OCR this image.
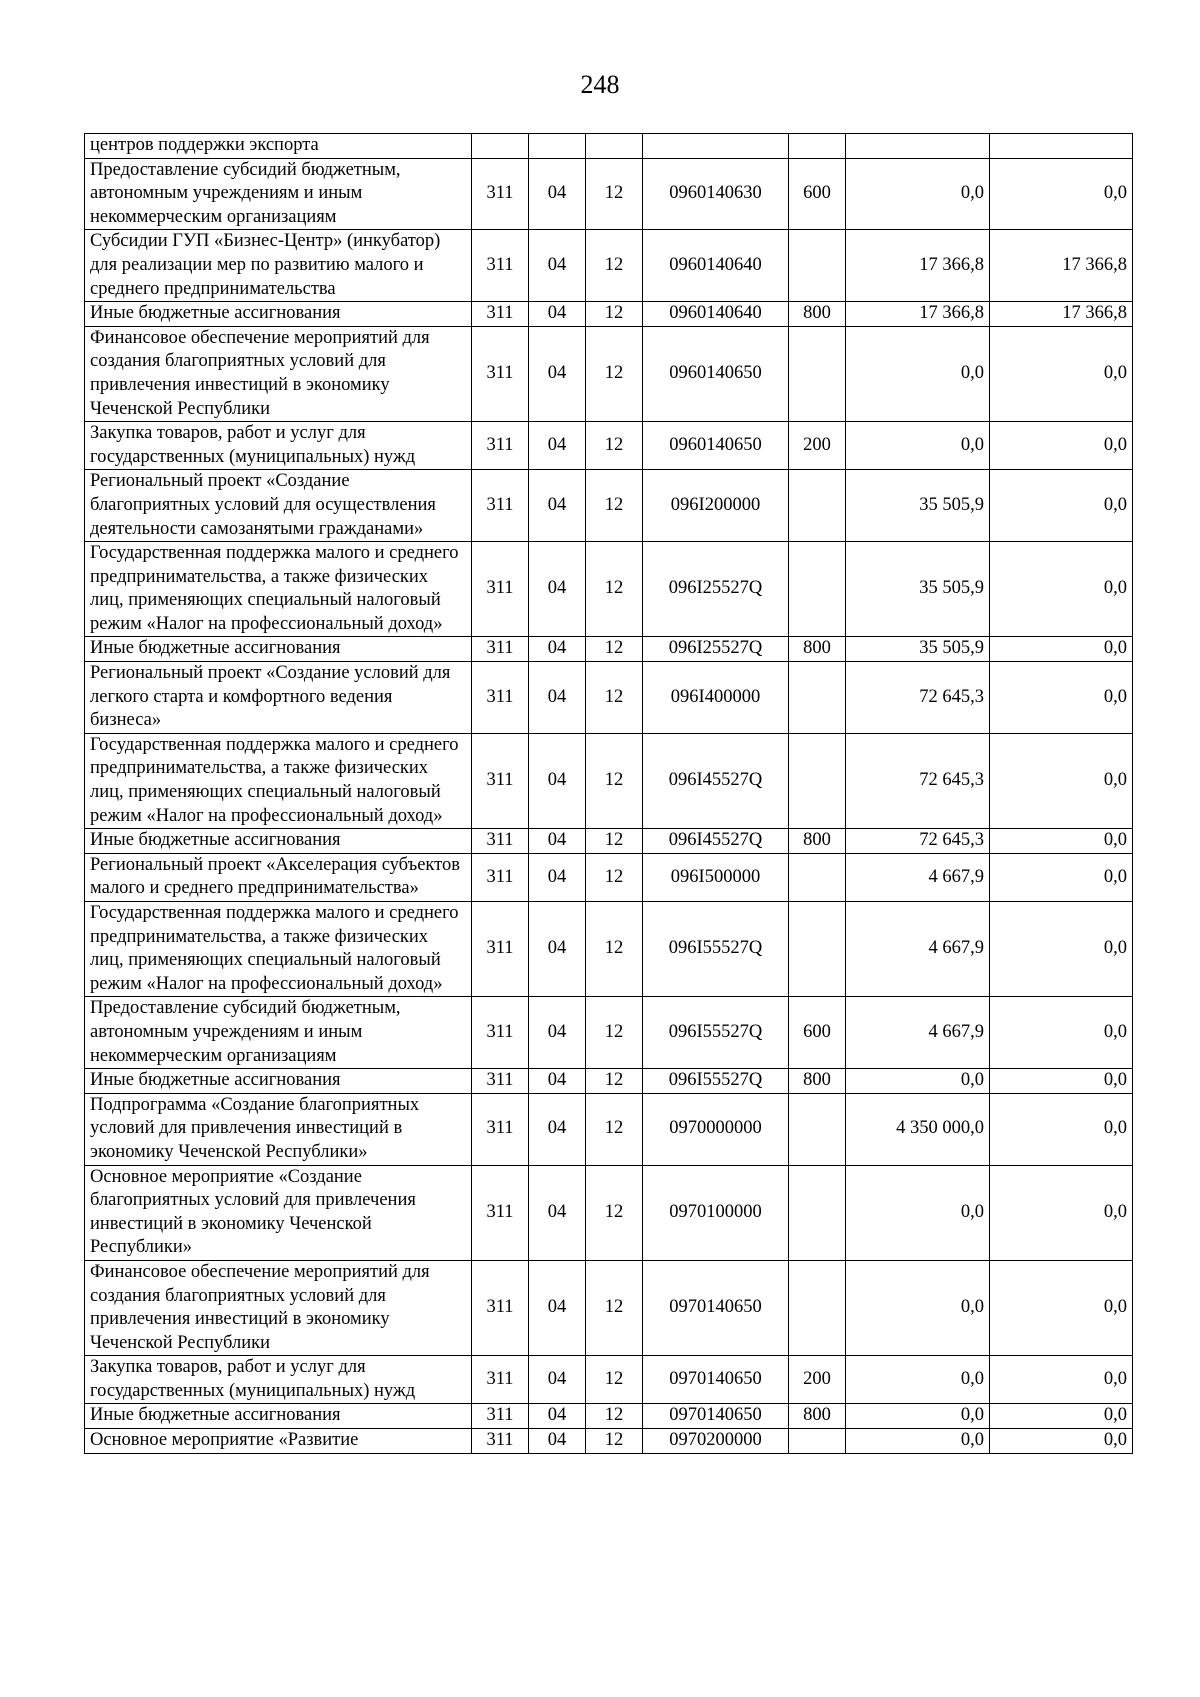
248
центров поддержки экспорта							
Предоставление субсидий бюджетным, автономным учреждениям и иным некоммерческим организациям	311	04	12	0960140630	600	0,0	0,0
Субсидии ГУП «Бизнес-Центр» (инкубатор) для реализации мер по развитию малого и среднего предпринимательства	311	04	12	0960140640		17 366,8	17 366,8
Иные бюджетные ассигнования	311	04	12	0960140640	800	17 366,8	17 366,8
Финансовое обеспечение мероприятий для создания благоприятных условий для привлечения инвестиций в экономику Чеченской Республики	311	04	12	0960140650		0,0	0,0
Закупка товаров, работ и услуг для государственных (муниципальных) нужд	311	04	12	0960140650	200	0,0	0,0
Региональный проект «Создание благоприятных условий для осуществления деятельности самозанятыми гражданами»	311	04	12	096I200000		35 505,9	0,0
Государственная поддержка малого и среднего предпринимательства, а также физических лиц, применяющих специальный налоговый режим «Налог на профессиональный доход»	311	04	12	096I25527Q		35 505,9	0,0
Иные бюджетные ассигнования	311	04	12	096I25527Q	800	35 505,9	0,0
Региональный проект «Создание условий для легкого старта и комфортного ведения бизнеса»	311	04	12	096I400000		72 645,3	0,0
Государственная поддержка малого и среднего предпринимательства, а также физических лиц, применяющих специальный налоговый режим «Налог на профессиональный доход»	311	04	12	096I45527Q		72 645,3	0,0
Иные бюджетные ассигнования	311	04	12	096I45527Q	800	72 645,3	0,0
Региональный проект «Акселерация субъектов малого и среднего предпринимательства»	311	04	12	096I500000		4 667,9	0,0
Государственная поддержка малого и среднего предпринимательства, а также физических лиц, применяющих специальный налоговый режим «Налог на профессиональный доход»	311	04	12	096I55527Q		4 667,9	0,0
Предоставление субсидий бюджетным, автономным учреждениям и иным некоммерческим организациям	311	04	12	096I55527Q	600	4 667,9	0,0
Иные бюджетные ассигнования	311	04	12	096I55527Q	800	0,0	0,0
Подпрограмма «Создание благоприятных условий для привлечения инвестиций в экономику Чеченской Республики»	311	04	12	0970000000		4 350 000,0	0,0
Основное мероприятие «Создание благоприятных условий для привлечения инвестиций в экономику Чеченской Республики»	311	04	12	0970100000		0,0	0,0
Финансовое обеспечение мероприятий для создания благоприятных условий для привлечения инвестиций в экономику Чеченской Республики	311	04	12	0970140650		0,0	0,0
Закупка товаров, работ и услуг для государственных (муниципальных) нужд	311	04	12	0970140650	200	0,0	0,0
Иные бюджетные ассигнования	311	04	12	0970140650	800	0,0	0,0
Основное мероприятие «Развитие	311	04	12	0970200000		0,0	0,0
